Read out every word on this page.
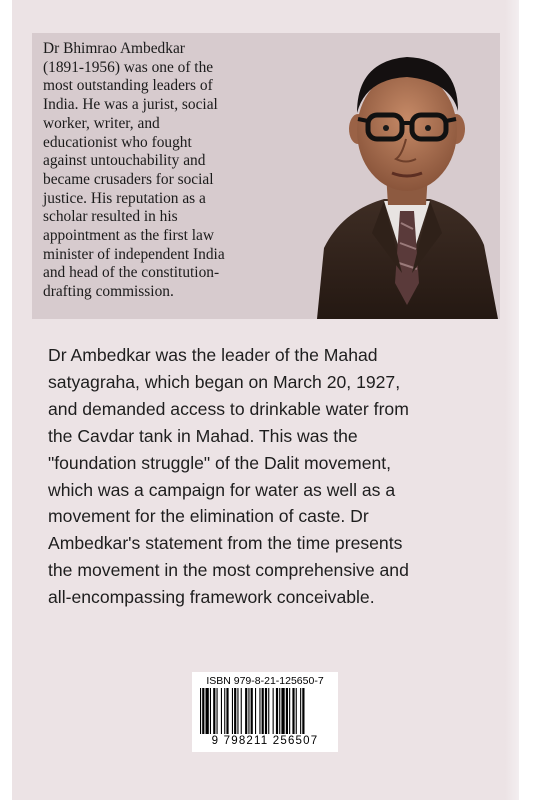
Dr Bhimrao Ambedkar
(1891-1956) was one of the
most outstanding leaders of
India. He was a jurist, social
worker, writer, and
educationist who fought
against untouchability and
became crusaders for social
justice. His reputation as a
scholar resulted in his
appointment as the first law
minister of independent India
and head of the constitution-
drafting commission.

Dr Ambedkar was the leader of the Mahad
satyagraha, which began on March 20, 1927,
and demanded access to drinkable water from
the Cavdar tank in Mahad. This was the
"foundation struggle" of the Dalit movement,
which was a campaign for water as well as a
movement for the elimination of caste. Dr
Ambedkar's statement from the time presents
the movement in the most comprehensive and
all-encompassing framework conceivable.

ISBN 979-8-21-125650-7
9 798211 256507
